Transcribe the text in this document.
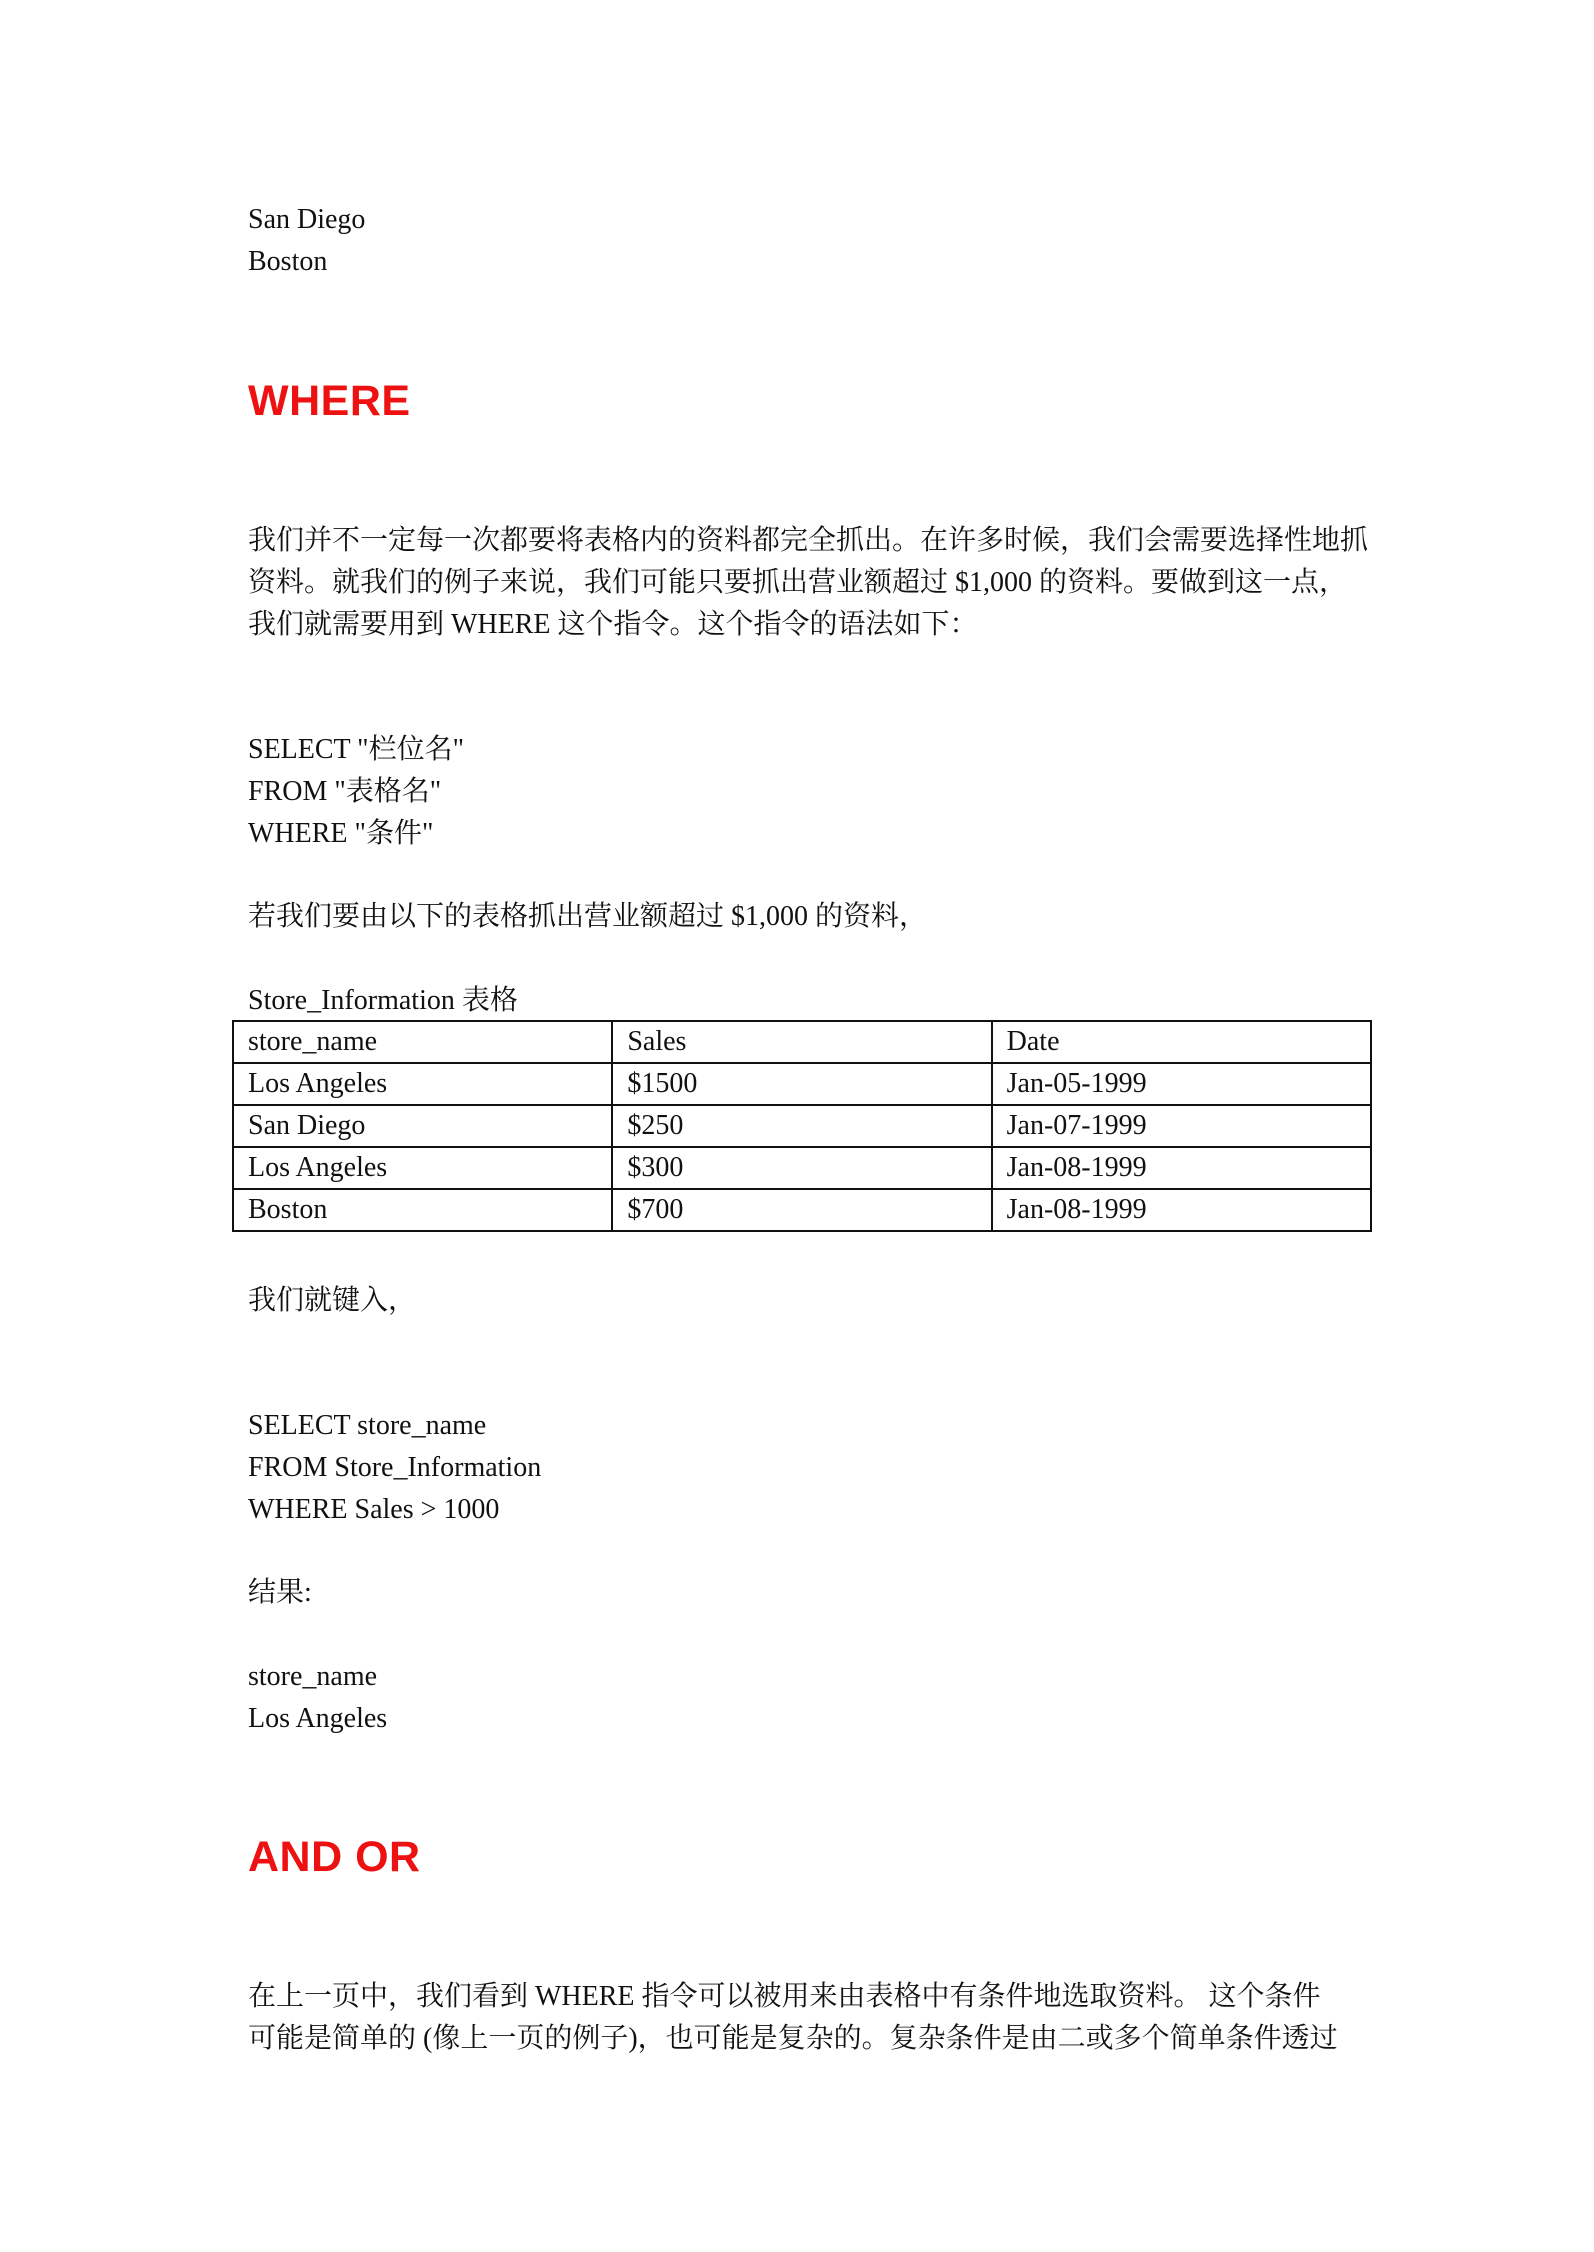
San Diego
Boston
WHERE
我们并不一定每一次都要将表格内的资料都完全抓出。在许多时候，我们会需要选择性地抓
资料。就我们的例子来说，我们可能只要抓出营业额超过 $1,000 的资料。要做到这一点，
我们就需要用到 WHERE 这个指令。这个指令的语法如下：
SELECT "栏位名"
FROM "表格名"
WHERE "条件"
若我们要由以下的表格抓出营业额超过 $1,000 的资料，
Store_Information 表格
store_name	Sales	Date
Los Angeles	$1500	Jan-05-1999
San Diego	$250	Jan-07-1999
Los Angeles	$300	Jan-08-1999
Boston	$700	Jan-08-1999
我们就键入，
SELECT store_name
FROM Store_Information
WHERE Sales > 1000
结果:
store_name
Los Angeles
AND OR
在上一页中，我们看到 WHERE 指令可以被用来由表格中有条件地选取资料。 这个条件
可能是简单的 (像上一页的例子)，也可能是复杂的。复杂条件是由二或多个简单条件透过
